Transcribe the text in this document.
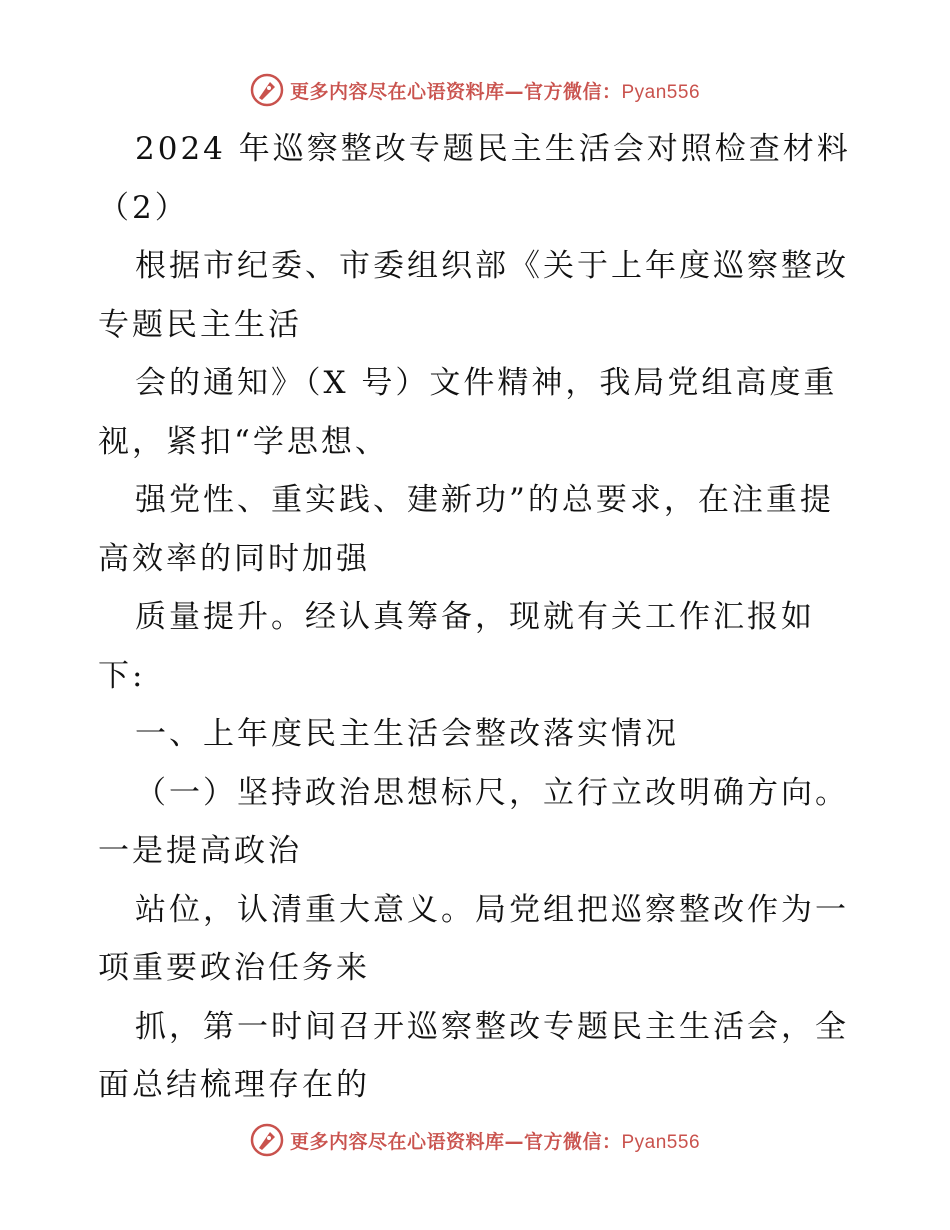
更多内容尽在心语资料库—官方微信：Pyan556
2024 年巡察整改专题民主生活会对照检查材料
（2）
根据市纪委、市委组织部《关于上年度巡察整改
专题民主生活
会的通知》（X 号）文件精神，我局党组高度重
视，紧扣“学思想、
强党性、重实践、建新功”的总要求，在注重提
高效率的同时加强
质量提升。经认真筹备，现就有关工作汇报如
下:
一、上年度民主生活会整改落实情况
（一）坚持政治思想标尺，立行立改明确方向。
一是提高政治
站位，认清重大意义。局党组把巡察整改作为一
项重要政治任务来
抓，第一时间召开巡察整改专题民主生活会，全
面总结梳理存在的
更多内容尽在心语资料库—官方微信：Pyan556
